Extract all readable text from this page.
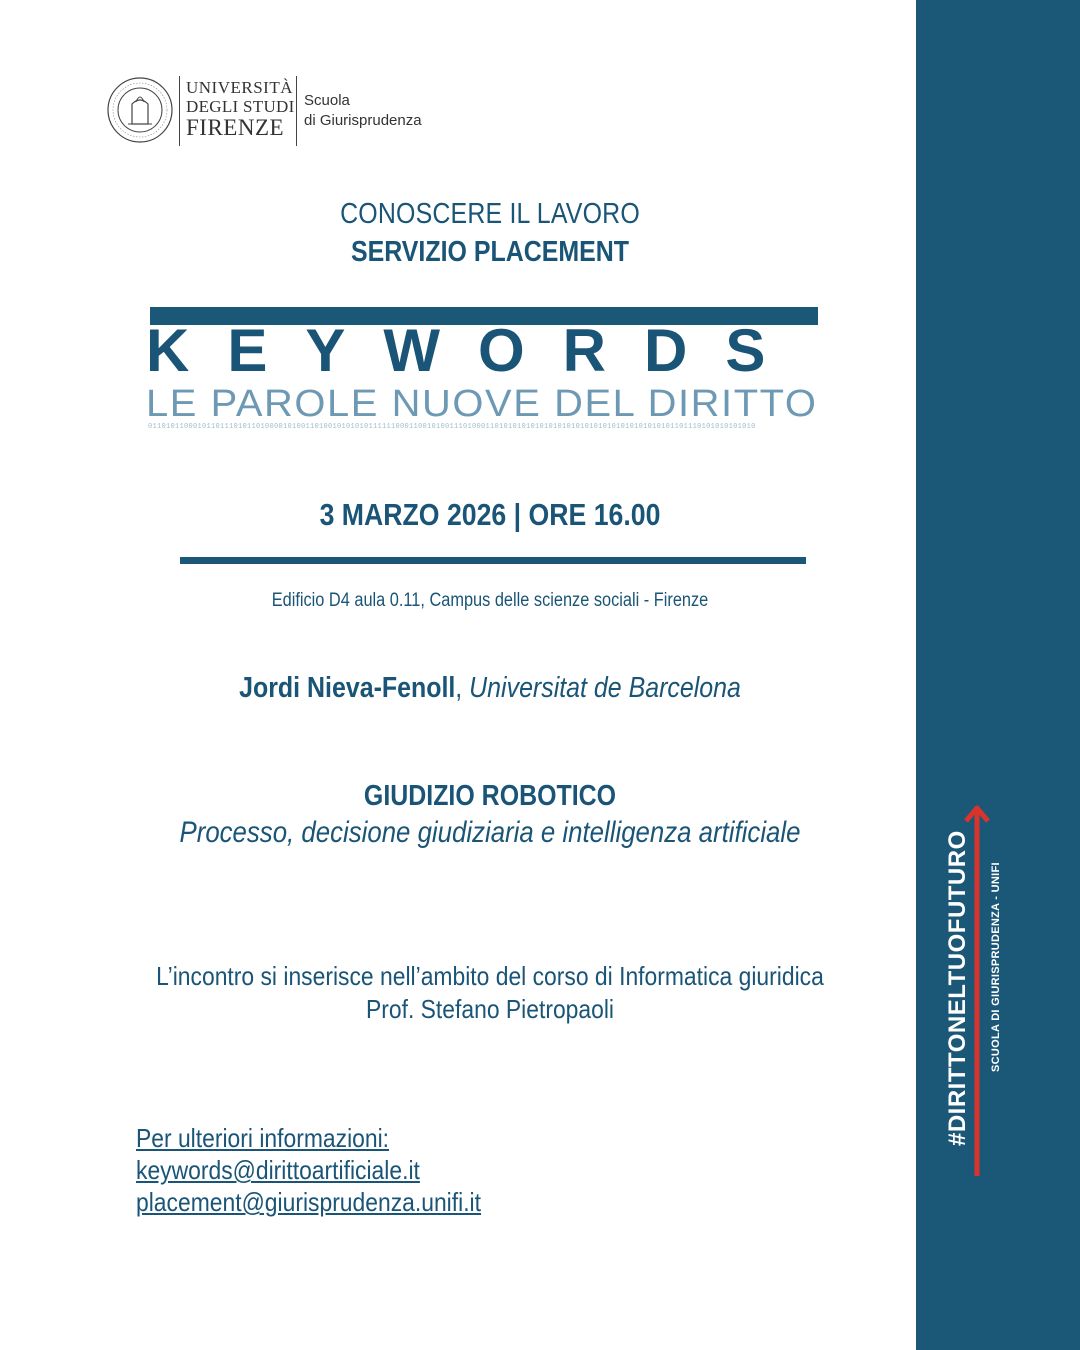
UNIVERSITÀ
DEGLI STUDI
FIRENZE
Scuola
di Giurisprudenza
CONOSCERE IL LAVORO
SERVIZIO PLACEMENT
KEYWORDS
LE PAROLE NUOVE DEL DIRITTO
011010110001011011101011010000101001101001010101011111100011001010011101000110101010101010101010101010101010101010101101110101010101010
3 MARZO 2026 | ORE 16.00
Edificio D4 aula 0.11, Campus delle scienze sociali - Firenze
Jordi Nieva-Fenoll, Universitat de Barcelona
GIUDIZIO ROBOTICO
Processo, decisione giudiziaria e intelligenza artificiale
L’incontro si inserisce nell’ambito del corso di Informatica giuridica
Prof. Stefano Pietropaoli
Per ulteriori informazioni:
keywords@dirittoartificiale.it
placement@giurisprudenza.unifi.it
#DIRITTONELTUOFUTURO SCUOLA DI GIURISPRUDENZA - UNIFI
